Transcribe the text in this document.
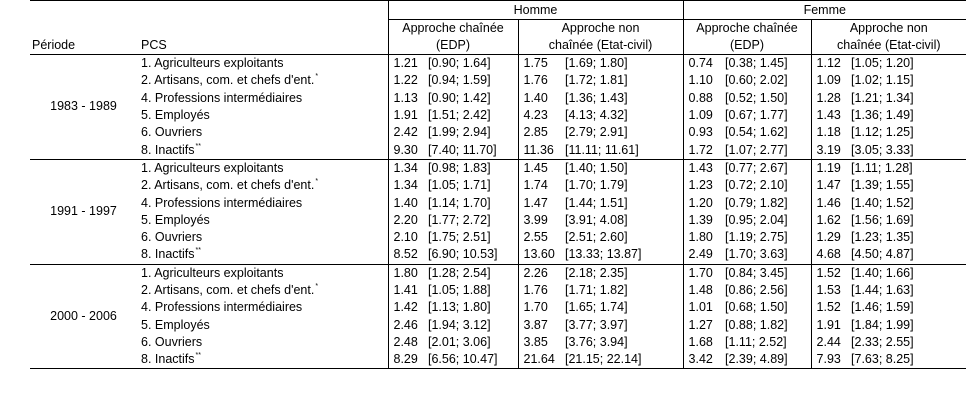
		Homme				Femme			
Période	PCS	Approche chaînée		Approche non		Approche chaînée		Approche non	
		(EDP)		chaînée (Etat-civil)		(EDP)		chaînée (Etat-civil)	
1983 - 1989	1. Agriculteurs exploitants	1.21	[0.90; 1.64]	1.75	[1.69; 1.80]	0.74	[0.38; 1.45]	1.12	[1.05; 1.20]
	2. Artisans, com. et chefs d'ent.*	1.22	[0.94; 1.59]	1.76	[1.72; 1.81]	1.10	[0.60; 2.02]	1.09	[1.02; 1.15]
	4. Professions intermédiaires	1.13	[0.90; 1.42]	1.40	[1.36; 1.43]	0.88	[0.52; 1.50]	1.28	[1.21; 1.34]
	5. Employés	1.91	[1.51; 2.42]	4.23	[4.13; 4.32]	1.09	[0.67; 1.77]	1.43	[1.36; 1.49]
	6. Ouvriers	2.42	[1.99; 2.94]	2.85	[2.79; 2.91]	0.93	[0.54; 1.62]	1.18	[1.12; 1.25]
	8. Inactifs**	9.30	[7.40; 11.70]	11.36	[11.11; 11.61]	1.72	[1.07; 2.77]	3.19	[3.05; 3.33]
1991 - 1997	1. Agriculteurs exploitants	1.34	[0.98; 1.83]	1.45	[1.40; 1.50]	1.43	[0.77; 2.67]	1.19	[1.11; 1.28]
	2. Artisans, com. et chefs d'ent.*	1.34	[1.05; 1.71]	1.74	[1.70; 1.79]	1.23	[0.72; 2.10]	1.47	[1.39; 1.55]
	4. Professions intermédiaires	1.40	[1.14; 1.70]	1.47	[1.44; 1.51]	1.20	[0.79; 1.82]	1.46	[1.40; 1.52]
	5. Employés	2.20	[1.77; 2.72]	3.99	[3.91; 4.08]	1.39	[0.95; 2.04]	1.62	[1.56; 1.69]
	6. Ouvriers	2.10	[1.75; 2.51]	2.55	[2.51; 2.60]	1.80	[1.19; 2.75]	1.29	[1.23; 1.35]
	8. Inactifs**	8.52	[6.90; 10.53]	13.60	[13.33; 13.87]	2.49	[1.70; 3.63]	4.68	[4.50; 4.87]
2000 - 2006	1. Agriculteurs exploitants	1.80	[1.28; 2.54]	2.26	[2.18; 2.35]	1.70	[0.84; 3.45]	1.52	[1.40; 1.66]
	2. Artisans, com. et chefs d'ent.*	1.41	[1.05; 1.88]	1.76	[1.71; 1.82]	1.48	[0.86; 2.56]	1.53	[1.44; 1.63]
	4. Professions intermédiaires	1.42	[1.13; 1.80]	1.70	[1.65; 1.74]	1.01	[0.68; 1.50]	1.52	[1.46; 1.59]
	5. Employés	2.46	[1.94; 3.12]	3.87	[3.77; 3.97]	1.27	[0.88; 1.82]	1.91	[1.84; 1.99]
	6. Ouvriers	2.48	[2.01; 3.06]	3.85	[3.76; 3.94]	1.68	[1.11; 2.52]	2.44	[2.33; 2.55]
	8. Inactifs**	8.29	[6.56; 10.47]	21.64	[21.15; 22.14]	3.42	[2.39; 4.89]	7.93	[7.63; 8.25]
